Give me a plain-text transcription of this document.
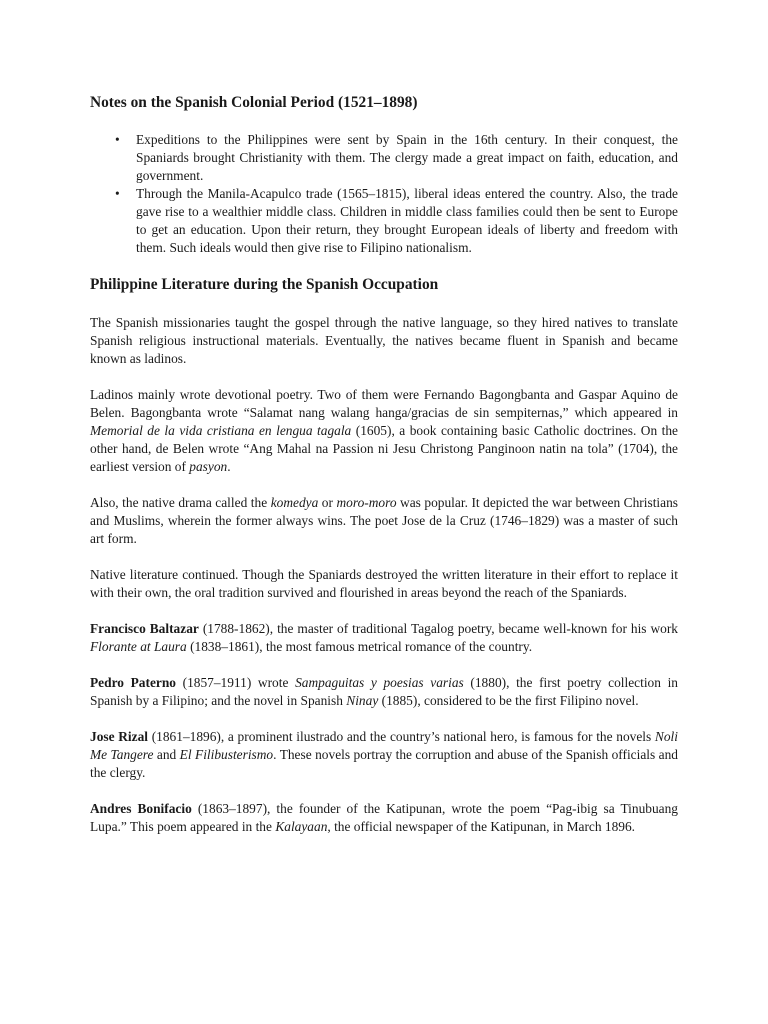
Notes on the Spanish Colonial Period (1521–1898)
• Expeditions to the Philippines were sent by Spain in the 16th century. In their conquest, the Spaniards brought Christianity with them. The clergy made a great impact on faith, education, and government.
• Through the Manila-Acapulco trade (1565–1815), liberal ideas entered the country. Also, the trade gave rise to a wealthier middle class. Children in middle class families could then be sent to Europe to get an education. Upon their return, they brought European ideals of liberty and freedom with them. Such ideals would then give rise to Filipino nationalism.
Philippine Literature during the Spanish Occupation

The Spanish missionaries taught the gospel through the native language, so they hired natives to translate Spanish religious instructional materials. Eventually, the natives became fluent in Spanish and became known as ladinos.

Ladinos mainly wrote devotional poetry. Two of them were Fernando Bagongbanta and Gaspar Aquino de Belen. Bagongbanta wrote “Salamat nang walang hanga/gracias de sin sempiternas,” which appeared in Memorial de la vida cristiana en lengua tagala (1605), a book containing basic Catholic doctrines. On the other hand, de Belen wrote “Ang Mahal na Passion ni Jesu Christong Panginoon natin na tola” (1704), the earliest version of pasyon.

Also, the native drama called the komedya or moro-moro was popular. It depicted the war between Christians and Muslims, wherein the former always wins. The poet Jose de la Cruz (1746–1829) was a master of such art form.

Native literature continued. Though the Spaniards destroyed the written literature in their effort to replace it with their own, the oral tradition survived and flourished in areas beyond the reach of the Spaniards.

Francisco Baltazar (1788-1862), the master of traditional Tagalog poetry, became well-known for his work Florante at Laura (1838–1861), the most famous metrical romance of the country.

Pedro Paterno (1857–1911) wrote Sampaguitas y poesias varias (1880), the first poetry collection in Spanish by a Filipino; and the novel in Spanish Ninay (1885), considered to be the first Filipino novel.

Jose Rizal (1861–1896), a prominent ilustrado and the country’s national hero, is famous for the novels Noli Me Tangere and El Filibusterismo. These novels portray the corruption and abuse of the Spanish officials and the clergy.

Andres Bonifacio (1863–1897), the founder of the Katipunan, wrote the poem “Pag-ibig sa Tinubuang Lupa.” This poem appeared in the Kalayaan, the official newspaper of the Katipunan, in March 1896.
